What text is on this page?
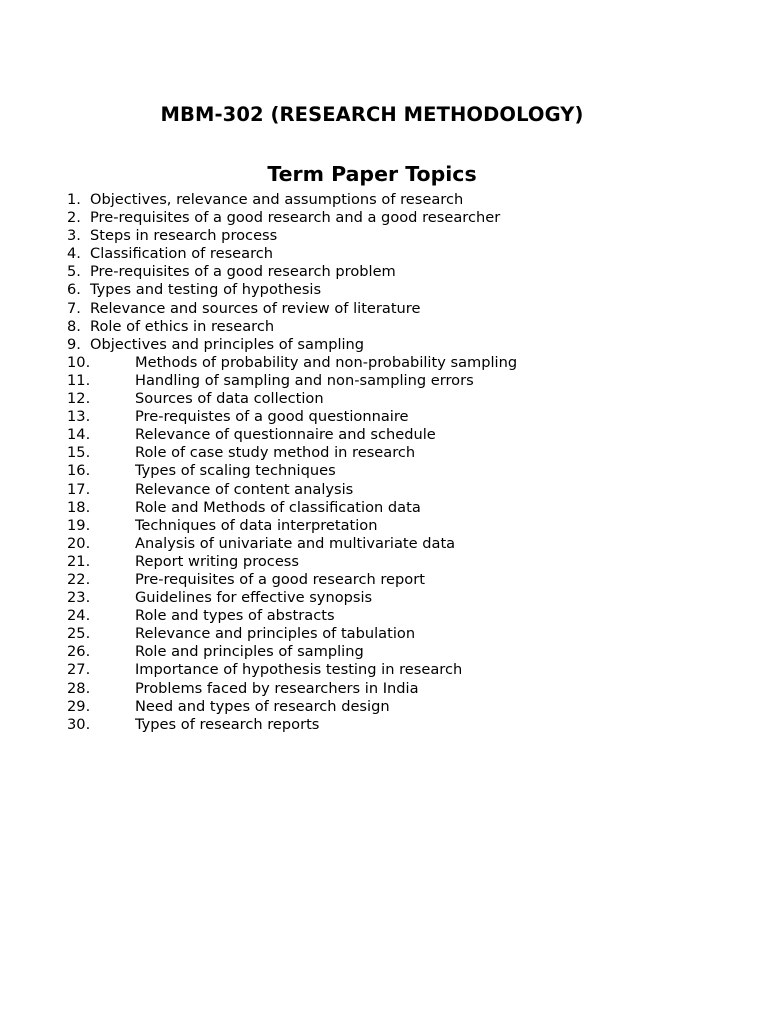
MBM-302 (RESEARCH METHODOLOGY)
Term Paper Topics
1. Objectives, relevance and assumptions of research
2. Pre-requisites of a good research and a good researcher
3. Steps in research process
4. Classification of research
5. Pre-requisites of a good research problem
6. Types and testing of hypothesis
7. Relevance and sources of review of literature
8. Role of ethics in research
9. Objectives and principles of sampling
10.	Methods of probability and non-probability sampling
11.	Handling of sampling and non-sampling errors
12.	Sources of data collection
13.	Pre-requistes of a good questionnaire
14.	Relevance of questionnaire and schedule
15.	Role of case study method in research
16.	Types of scaling techniques
17.	Relevance of content analysis
18.	Role and Methods of classification data
19.	Techniques of data interpretation
20.	Analysis of univariate and multivariate data
21.	Report writing process
22.	Pre-requisites of a good research report
23.	Guidelines for effective synopsis
24.	Role and types of abstracts
25.	Relevance and principles of tabulation
26.	Role and principles of sampling
27.	Importance of hypothesis testing in research
28.	Problems faced by researchers in India
29.	Need and types of research design
30.	Types of research reports
